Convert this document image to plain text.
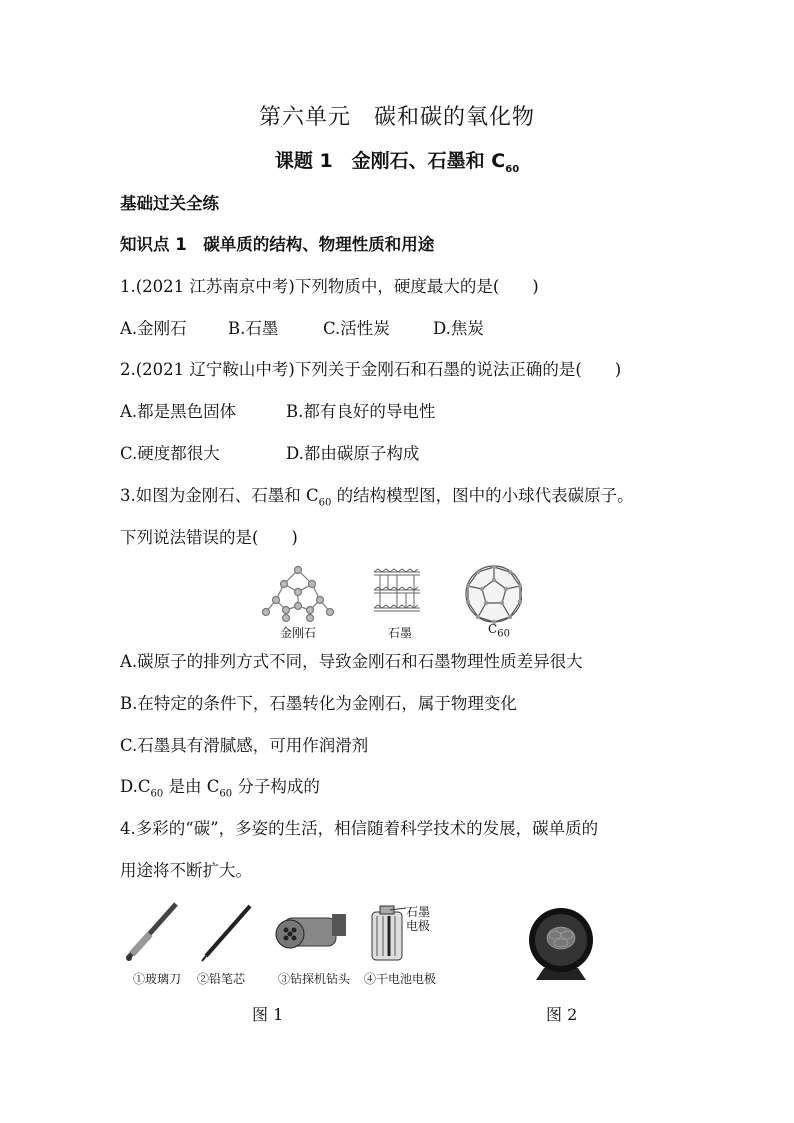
第六单元　碳和碳的氧化物
课题 1　金刚石、石墨和 $C_{60}$
基础过关全练
知识点 1　碳单质的结构、物理性质和用途
1.(2021 江苏南京中考)下列物质中，硬度最大的是(　　)
A.金刚石	B.石墨	C.活性炭	D.焦炭
2.(2021 辽宁鞍山中考)下列关于金刚石和石墨的说法正确的是(　　)
A.都是黑色固体	B.都有良好的导电性
C.硬度都很大	D.都由碳原子构成
3.如图为金刚石、石墨和 $C_{60}$ 的结构模型图，图中的小球代表碳原子。
下列说法错误的是(　　)
金刚石	石墨	$C_{60}$
A.碳原子的排列方式不同，导致金刚石和石墨物理性质差异很大
B.在特定的条件下，石墨转化为金刚石，属于物理变化
C.石墨具有滑腻感，可用作润滑剂
$D.C_{60}$ 是由 $C_{60}$ 分子构成的
4.多彩的“碳”，多姿的生活，相信随着科学技术的发展，碳单质的
用途将不断扩大。
石墨
电极
①玻璃刀	②铅笔芯	③钻探机钻头	④干电池电极
图 1	图 2
